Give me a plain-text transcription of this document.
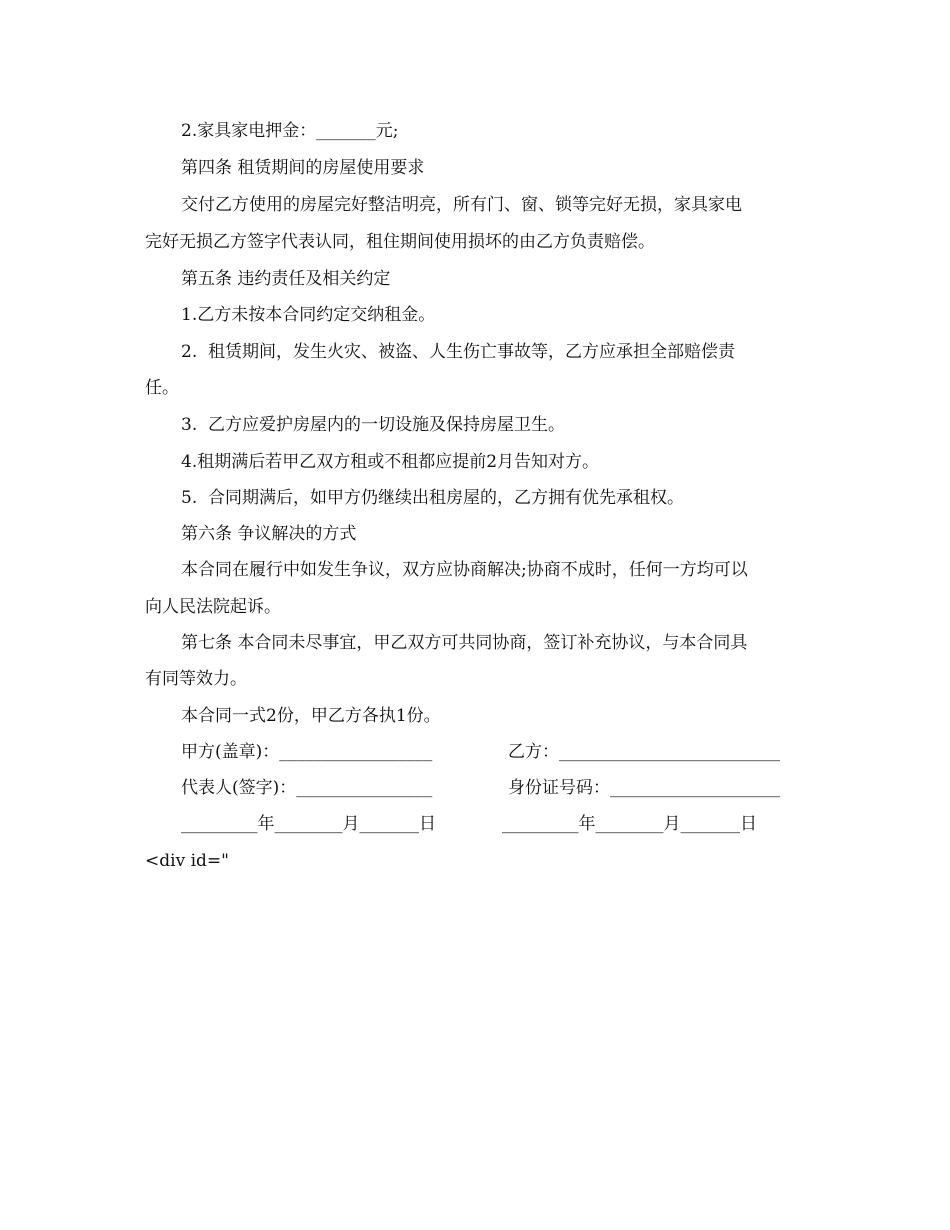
2.家具家电押金：_______元;
第四条 租赁期间的房屋使用要求
交付乙方使用的房屋完好整洁明亮，所有门、窗、锁等完好无损，家具家电
完好无损乙方签字代表认同，租住期间使用损坏的由乙方负责赔偿。
第五条 违约责任及相关约定
1.乙方未按本合同约定交纳租金。
2.  租赁期间，发生火灾、被盗、人生伤亡事故等，乙方应承担全部赔偿责
任。
3.  乙方应爱护房屋内的一切设施及保持房屋卫生。
4.租期满后若甲乙双方租或不租都应提前2月告知对方。
5.  合同期满后，如甲方仍继续出租房屋的，乙方拥有优先承租权。
第六条 争议解决的方式
本合同在履行中如发生争议，双方应协商解决;协商不成时，任何一方均可以
向人民法院起诉。
第七条 本合同未尽事宜，甲乙双方可共同协商，签订补充协议，与本合同具
有同等效力。
本合同一式2份，甲乙方各执1份。
甲方(盖章)：__________________	乙方：__________________________
代表人(签字)：________________	身份证号码：____________________
_________年________月_______日	_________年________月_______日
<div id="
